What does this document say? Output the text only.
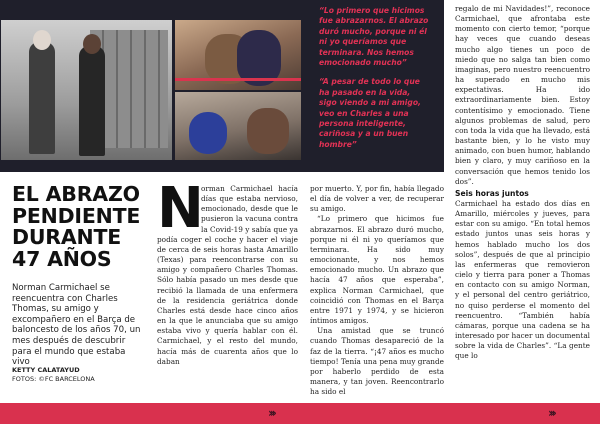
“Lo primero que hicimos fue abrazarnos. El abrazo duró mucho, porque ni él ni yo queríamos que terminara. Nos hemos emocionado mucho”

“A pesar de todo lo que ha pasado en la vida, sigo viendo a mi amigo, veo en Charles a una persona inteligente, cariñosa y a un buen hombre”

EL ABRAZO
PENDIENTE
DURANTE
47 AÑOS

Norman Carmichael se reencuentra con Charles Thomas, su amigo y excompañero en el Barça de baloncesto de los años 70, un mes después de descubrir para el mundo que estaba vivo

KETTY CALATAYUD
FOTOS: ©FC BARCELONA
N
orman Carmichael hacía días que estaba nervioso, emocionado, desde que le pusieron la vacuna contra la Covid-19 y sabía que ya podía coger el coche y hacer el viaje de cerca de seis horas hasta Amarillo (Texas) para reencontrarse con su amigo y compañero Charles Thomas. Sólo había pasado un mes desde que recibió la llamada de una enfermera de la residencia geriátrica donde Charles está desde hace cinco años en la que le anunciaba que su amigo estaba vivo y quería hablar con él. Carmichael, y el resto del mundo, hacía más de cuarenta años que lo daban

por muerto. Y, por fin, había llegado el día de volver a ver, de recuperar su amigo.

“Lo primero que hicimos fue abrazarnos. El abrazo duró mucho, porque ni él ni yo queríamos que terminara. Ha sido muy emocionante, y nos hemos emocionado mucho. Un abrazo que hacía 47 años que esperaba”, explica Norman Carmichael, que coincidió con Thomas en el Barça entre 1971 y 1974, y se hicieron íntimos amigos.

Una amistad que se truncó cuando Thomas desapareció de la faz de la tierra. “¡47 años es mucho tiempo! Tenía una pena muy grande por haberlo perdido de esta manera, y tan joven. Reencontrarlo ha sido el

regalo de mi Navidades!”, reconoce Carmichael, que afrontaba este momento con cierto temor, “porque hay veces que cuando deseas mucho algo tienes un poco de miedo que no salga tan bien como imaginas, pero nuestro reencuentro ha superado en mucho mis expectativas. Ha ido extraordinariamente bien. Estoy contentísimo y emocionado. Tiene algunos problemas de salud, pero con toda la vida que ha llevado, está bastante bien, y lo he visto muy animado, con buen humor, hablando bien y claro, y muy cariñoso en la conversación que hemos tenido los dos”.

Seis horas juntos

Carmichael ha estado dos días en Amarillo, miércoles y jueves, para estar con su amigo. “En total hemos estado juntos unas seis horas y hemos hablado mucho los dos solos”, después de que al principio las enfermeras que removieron cielo y tierra para poner a Thomas en contacto con su amigo Norman, y el personal del centro geriátrico, no quiso perderse el momento del reencuentro. “También había cámaras, porque una cadena se ha interesado por hacer un documental sobre la vida de Charles”. “La gente que lo

›››	›››
